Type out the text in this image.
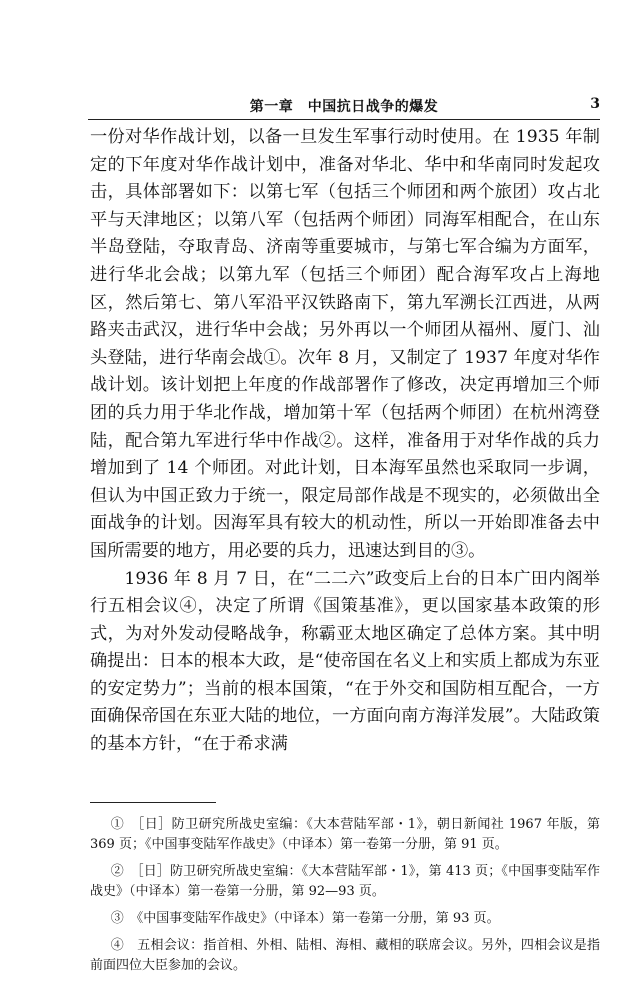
第一章　中国抗日战争的爆发	3

一份对华作战计划，以备一旦发生军事行动时使用。在 1935 年制定的下年度对华作战计划中，准备对华北、华中和华南同时发起攻击，具体部署如下：以第七军（包括三个师团和两个旅团）攻占北平与天津地区；以第八军（包括两个师团）同海军相配合，在山东半岛登陆，夺取青岛、济南等重要城市，与第七军合编为方面军，进行华北会战；以第九军（包括三个师团）配合海军攻占上海地区，然后第七、第八军沿平汉铁路南下，第九军溯长江西进，从两路夹击武汉，进行华中会战；另外再以一个师团从福州、厦门、汕头登陆，进行华南会战①。次年 8 月，又制定了 1937 年度对华作战计划。该计划把上年度的作战部署作了修改，决定再增加三个师团的兵力用于华北作战，增加第十军（包括两个师团）在杭州湾登陆，配合第九军进行华中作战②。这样，准备用于对华作战的兵力增加到了 14 个师团。对此计划，日本海军虽然也采取同一步调，但认为中国正致力于统一，限定局部作战是不现实的，必须做出全面战争的计划。因海军具有较大的机动性，所以一开始即准备去中国所需要的地方，用必要的兵力，迅速达到目的③。

1936 年 8 月 7 日，在“二二六”政变后上台的日本广田内阁举行五相会议④，决定了所谓《国策基准》，更以国家基本政策的形式，为对外发动侵略战争，称霸亚太地区确定了总体方案。其中明确提出：日本的根本大政，是“使帝国在名义上和实质上都成为东亚的安定势力”；当前的根本国策，“在于外交和国防相互配合，一方面确保帝国在东亚大陆的地位，一方面向南方海洋发展”。大陆政策的基本方针，“在于希求满

①　［日］防卫研究所战史室编：《大本营陆军部・1》，朝日新闻社 1967 年版，第 369 页；《中国事变陆军作战史》（中译本）第一卷第一分册，第 91 页。

②　［日］防卫研究所战史室编：《大本营陆军部・1》，第 413 页；《中国事变陆军作战史》（中译本）第一卷第一分册，第 92—93 页。

③　《中国事变陆军作战史》（中译本）第一卷第一分册，第 93 页。

④　五相会议：指首相、外相、陆相、海相、藏相的联席会议。另外，四相会议是指前面四位大臣参加的会议。
